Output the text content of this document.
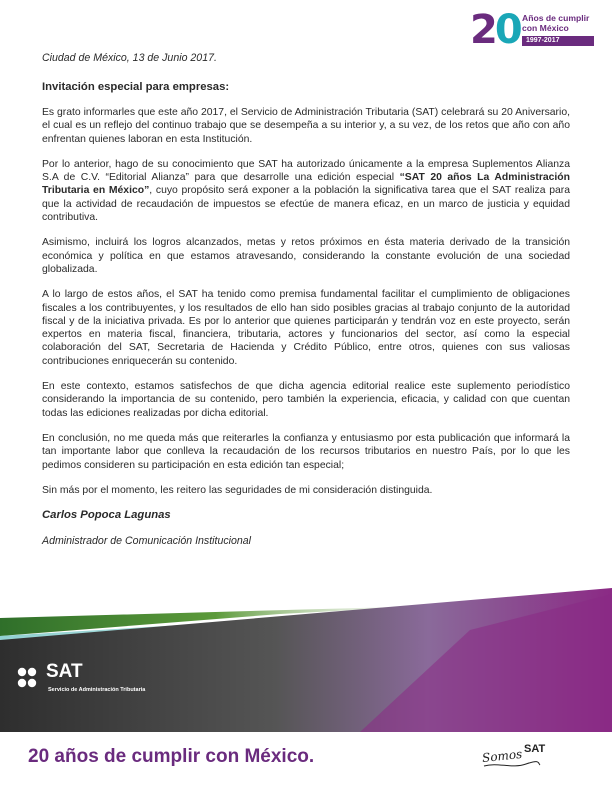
20 Años de cumplir
con México
1997-2017

Ciudad de México, 13 de Junio 2017.

Invitación especial para empresas:

Es grato informarles que este año 2017, el Servicio de Administración Tributaria (SAT) celebrará su 20 Aniversario, el cual es un reflejo del continuo trabajo que se desempeña a su interior y, a su vez, de los retos que año con año enfrentan quienes laboran en esta Institución.

Por lo anterior, hago de su conocimiento que SAT ha autorizado únicamente a la empresa Suplementos Alianza S.A de C.V. “Editorial Alianza” para que desarrolle una edición especial “SAT 20 años La Administración Tributaria en México”, cuyo propósito será exponer a la población la significativa tarea que el SAT realiza para que la actividad de recaudación de impuestos se efectúe de manera eficaz, en un marco de justicia y equidad contributiva.

Asimismo, incluirá los logros alcanzados, metas y retos próximos en ésta materia derivado de la transición económica y política en que estamos atravesando, considerando la constante evolución de una sociedad globalizada.

A lo largo de estos años, el SAT ha tenido como premisa fundamental facilitar el cumplimiento de obligaciones fiscales a los contribuyentes, y los resultados de ello han sido posibles gracias al trabajo conjunto de la autoridad fiscal y de la iniciativa privada. Es por lo anterior que quienes participarán y tendrán voz en este proyecto, serán expertos en materia fiscal, financiera, tributaria, actores y funcionarios del sector, así como la especial colaboración del SAT, Secretaria de Hacienda y Crédito Público, entre otros, quienes con sus valiosas contribuciones enriquecerán su contenido.

En este contexto, estamos satisfechos de que dicha agencia editorial realice este suplemento periodístico considerando la importancia de su contenido, pero también la experiencia, eficacia, y calidad con que cuentan todas las ediciones realizadas por dicha editorial.

En conclusión, no me queda más que reiterarles la confianza y entusiasmo por esta publicación que informará la tan importante labor que conlleva la recaudación de los recursos tributarios en nuestro País, por lo que les pedimos consideren su participación en esta edición tan especial;

Sin más por el momento, les reitero las seguridades de mi consideración distinguida.

Carlos Popoca Lagunas

Administrador de Comunicación Institucional

SAT
Servicio de Administración Tributaria

20 años de cumplir con México.	Somos SAT
